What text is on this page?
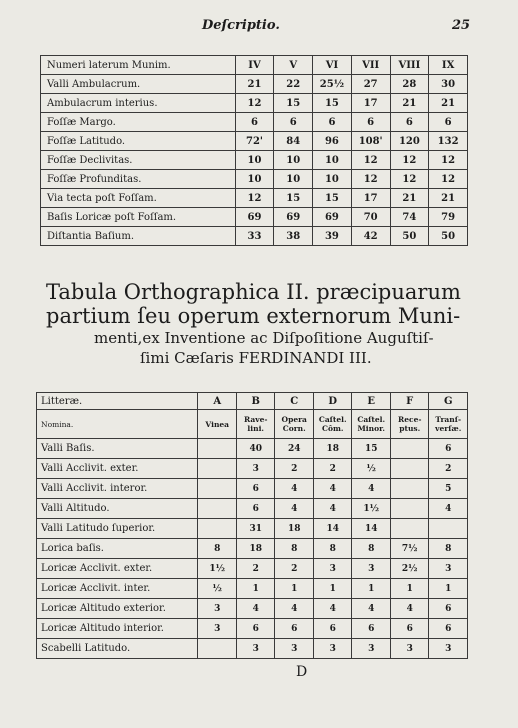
Deſcriptio.	25
Numeri laterum Munim.	IV	V	VI	VII	VIII	IX
Valli Ambulacrum.	21	22	25½	27	28	30
Ambulacrum interius.	12	15	15	17	21	21
Foſſæ Margo.	6	6	6	6	6	6
Foſſæ Latitudo.	72'	84	96	108'	120	132
Foſſæ Declivitas.	10	10	10	12	12	12
Foſſæ Profunditas.	10	10	10	12	12	12
Via tecta poſt Foſſam.	12	15	15	17	21	21
Baſis Loricæ poſt Foſſam.	69	69	69	70	74	79
Diſtantia Baſium.	33	38	39	42	50	50
Tabula Orthographica II. præcipuarum
partium ſeu operum externorum Muni-
menti,ex Inventione ac Diſpoſitione Auguſtiſ-
ſimi Cæſaris FERDINANDI III.
Litteræ.	A	B	C	D	E	F	G
Nomina.	Vinea	Rave-lini.	Opera Corn.	Caſtel. Côm.	Caſtel. Minor.	Rece-ptus.	Tranſ-verſæ.
Valli Baſis.		40	24	18	15		6
Valli Acclivit. exter.		3	2	2	½		2
Valli Acclivit. interor.		6	4	4	4		5
Valli Altitudo.		6	4	4	1½		4
Valli Latitudo ſuperior.		31	18	14	14		
Lorica baſis.	8	18	8	8	8	7½	8
Loricæ Acclivit. exter.	1½	2	2	3	3	2½	3
Loricæ Acclivit. inter.	½	1	1	1	1	1	1
Loricæ Altitudo exterior.	3	4	4	4	4	4	6
Loricæ Altitudo interior.	3	6	6	6	6	6	6
Scabelli Latitudo.		3	3	3	3	3	3
D
